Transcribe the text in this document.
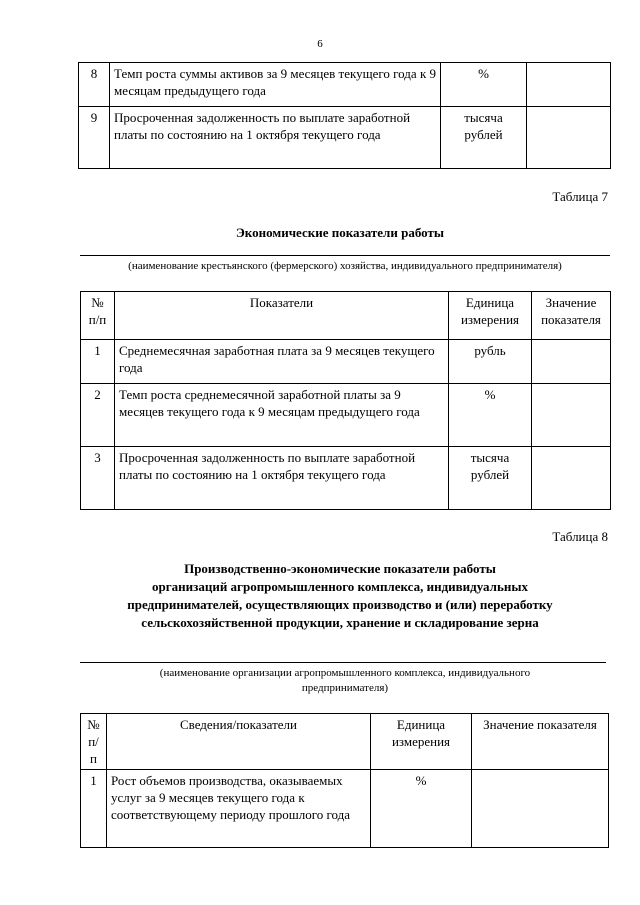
6
8	Темп роста суммы активов за 9 месяцев текущего года к 9 месяцам предыдущего года	%	
9	Просроченная задолженность по выплате заработной платы по состоянию на 1 октября текущего года	тысяча рублей	
Таблица 7
Экономические показатели работы
(наименование крестьянского (фермерского) хозяйства, индивидуального предпринимателя)
№ п/п	Показатели	Единица измерения	Значение показателя
1	Среднемесячная заработная плата за 9 месяцев текущего года	рубль	
2	Темп роста среднемесячной заработной платы за 9 месяцев текущего года к 9 месяцам предыдущего года	%	
3	Просроченная задолженность по выплате заработной платы по состоянию на 1 октября текущего года	тысяча рублей	
Таблица 8
Производственно-экономические показатели работы
организаций агропромышленного комплекса, индивидуальных
предпринимателей, осуществляющих производство и (или) переработку
сельскохозяйственной продукции, хранение и складирование зерна
(наименование организации агропромышленного комплекса, индивидуального
предпринимателя)
№ п/п	Сведения/показатели	Единица измерения	Значение показателя
1	Рост объемов производства, оказываемых услуг за 9 месяцев текущего года к соответствующему периоду прошлого года	%	
